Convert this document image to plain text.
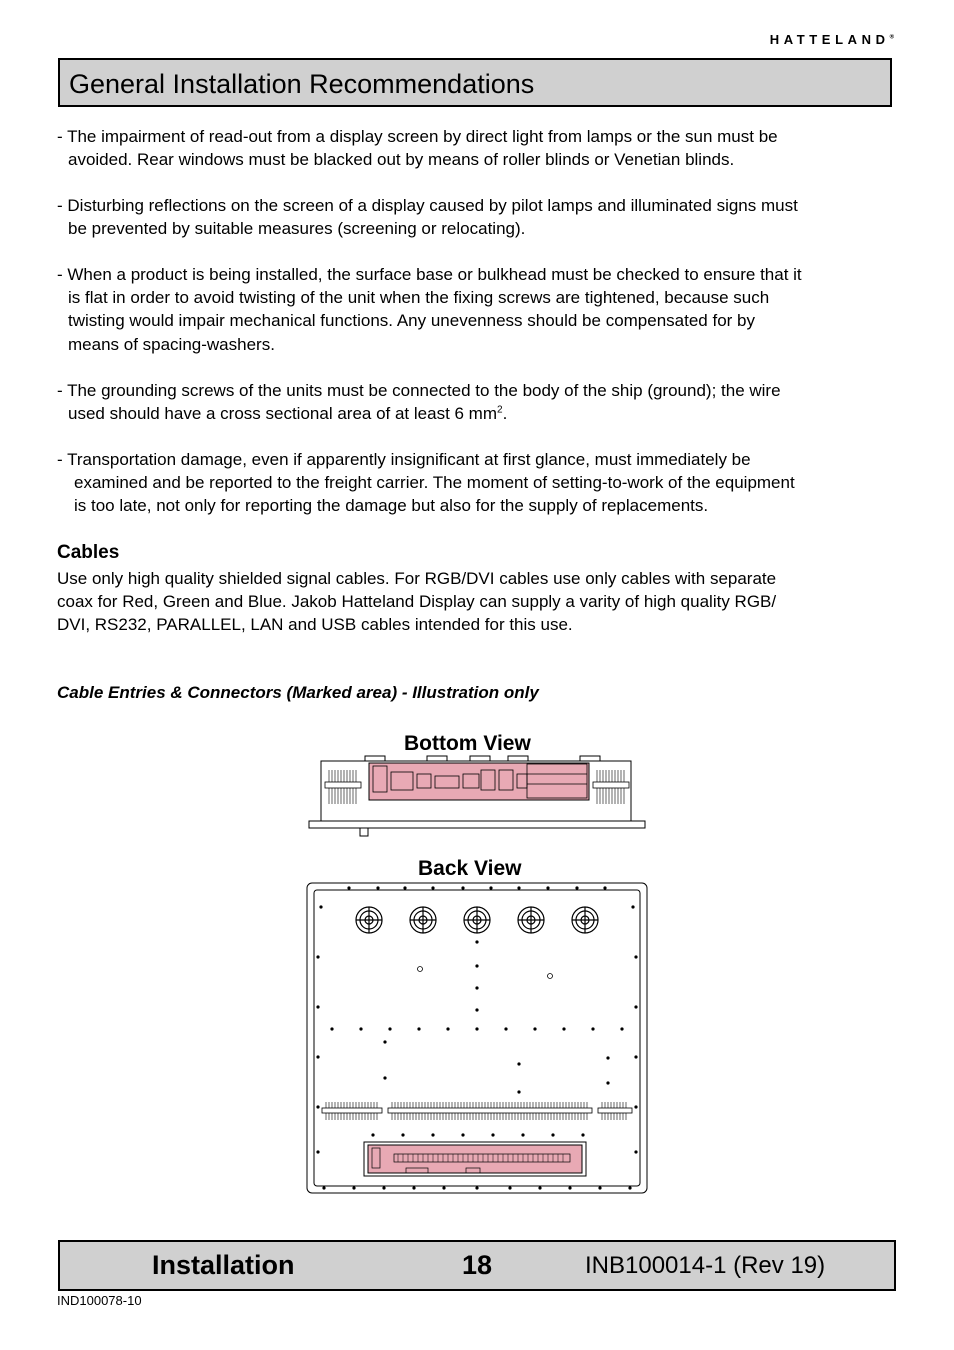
HATTELAND®
General Installation Recommendations

- The impairment of read-out from a display screen by direct light from lamps or the sun must be
avoided. Rear windows must be blacked out by means of roller blinds or Venetian blinds.

- Disturbing reflections on the screen of a display caused by pilot lamps and illuminated signs must
be prevented by suitable measures (screening or relocating).

- When a product is being installed, the surface base or bulkhead must be checked to ensure that it
is flat in order to avoid twisting of the unit when the fixing screws are tightened, because such
twisting would impair mechanical functions. Any unevenness should be compensated for by
means of spacing-washers.

- The grounding screws of the units must be connected to the body of the ship (ground); the wire
used should have a cross sectional area of at least 6 $mm^2$.

- Transportation damage, even if apparently insignificant at first glance, must immediately be
examined and be reported to the freight carrier. The moment of setting-to-work of the equipment
is too late, not only for reporting the damage but also for the supply of replacements.

Cables

Use only high quality shielded signal cables. For RGB/DVI cables use only cables with separate
coax for Red, Green and Blue. Jakob Hatteland Display can supply a varity of high quality RGB/
DVI, RS232, PARALLEL, LAN and USB cables intended for this use.

Cable Entries & Connectors (Marked area) - Illustration only

Bottom View

Back View

Installation	18	INB100014-1 (Rev 19)
IND100078-10
